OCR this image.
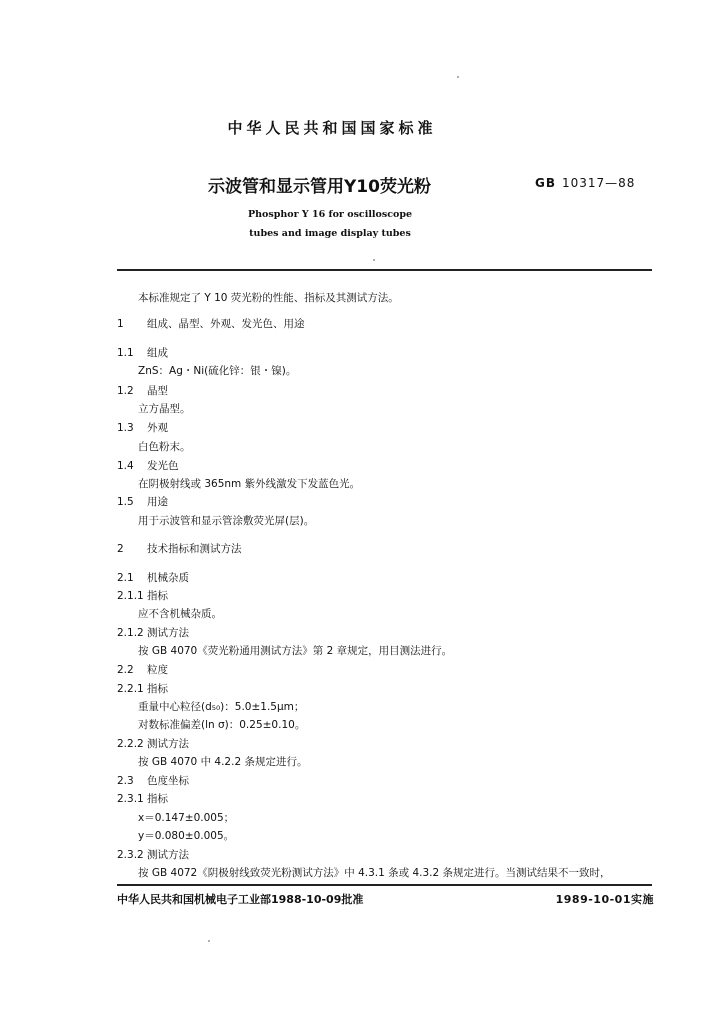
中华人民共和国国家标准
示波管和显示管用Y10荧光粉	GB 10317—88
Phosphor Y 16 for oscilloscope
tubes and image display tubes
本标准规定了 Y 10 荧光粉的性能、指标及其测试方法。
1 组成、晶型、外观、发光色、用途
1.1 组成
ZnS：Ag・Ni(硫化锌：银・镍)。
1.2 晶型
立方晶型。
1.3 外观
白色粉末。
1.4 发光色
在阴极射线或 365nm 紫外线激发下发蓝色光。
1.5 用途
用于示波管和显示管涂敷荧光屏(层)。
2 技术指标和测试方法
2.1 机械杂质
2.1.1 指标
应不含机械杂质。
2.1.2 测试方法
按 GB 4070《荧光粉通用测试方法》第 2 章规定，用目测法进行。
2.2 粒度
2.2.1 指标
重量中心粒径(d₅₀)：5.0±1.5μm；
对数标准偏差(ln σ)：0.25±0.10。
2.2.2 测试方法
按 GB 4070 中 4.2.2 条规定进行。
2.3 色度坐标
2.3.1 指标
x＝0.147±0.005；
y＝0.080±0.005。
2.3.2 测试方法
按 GB 4072《阴极射线致荧光粉测试方法》中 4.3.1 条或 4.3.2 条规定进行。当测试结果不一致时，
中华人民共和国机械电子工业部1988-10-09批准	1989-10-01实施
